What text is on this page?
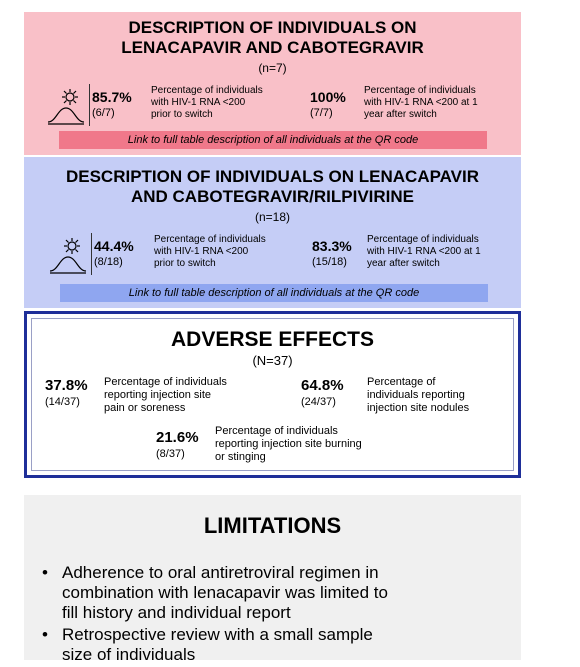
DESCRIPTION OF INDIVIDUALS ON
LENACAPAVIR AND CABOTEGRAVIR
(n=7)
85.7%
(6/7)
Percentage of individuals
with HIV-1 RNA <200
prior to switch
100%
(7/7)
Percentage of individuals
with HIV-1 RNA <200 at 1
year after switch
Link to full table description of all individuals at the QR code
DESCRIPTION OF INDIVIDUALS ON LENACAPAVIR
AND CABOTEGRAVIR/RILPIVIRINE
(n=18)
44.4%
(8/18)
Percentage of individuals
with HIV-1 RNA <200
prior to switch
83.3%
(15/18)
Percentage of individuals
with HIV-1 RNA <200 at 1
year after switch
Link to full table description of all individuals at the QR code
ADVERSE EFFECTS
(N=37)
37.8%
(14/37)
Percentage of individuals
reporting injection site
pain or soreness
64.8%
(24/37)
Percentage of
individuals reporting
injection site nodules
21.6%
(8/37)
Percentage of individuals
reporting injection site burning
or stinging
LIMITATIONS
• Adherence to oral antiretroviral regimen in
combination with lenacapavir was limited to
fill history and individual report
• Retrospective review with a small sample
size of individuals
